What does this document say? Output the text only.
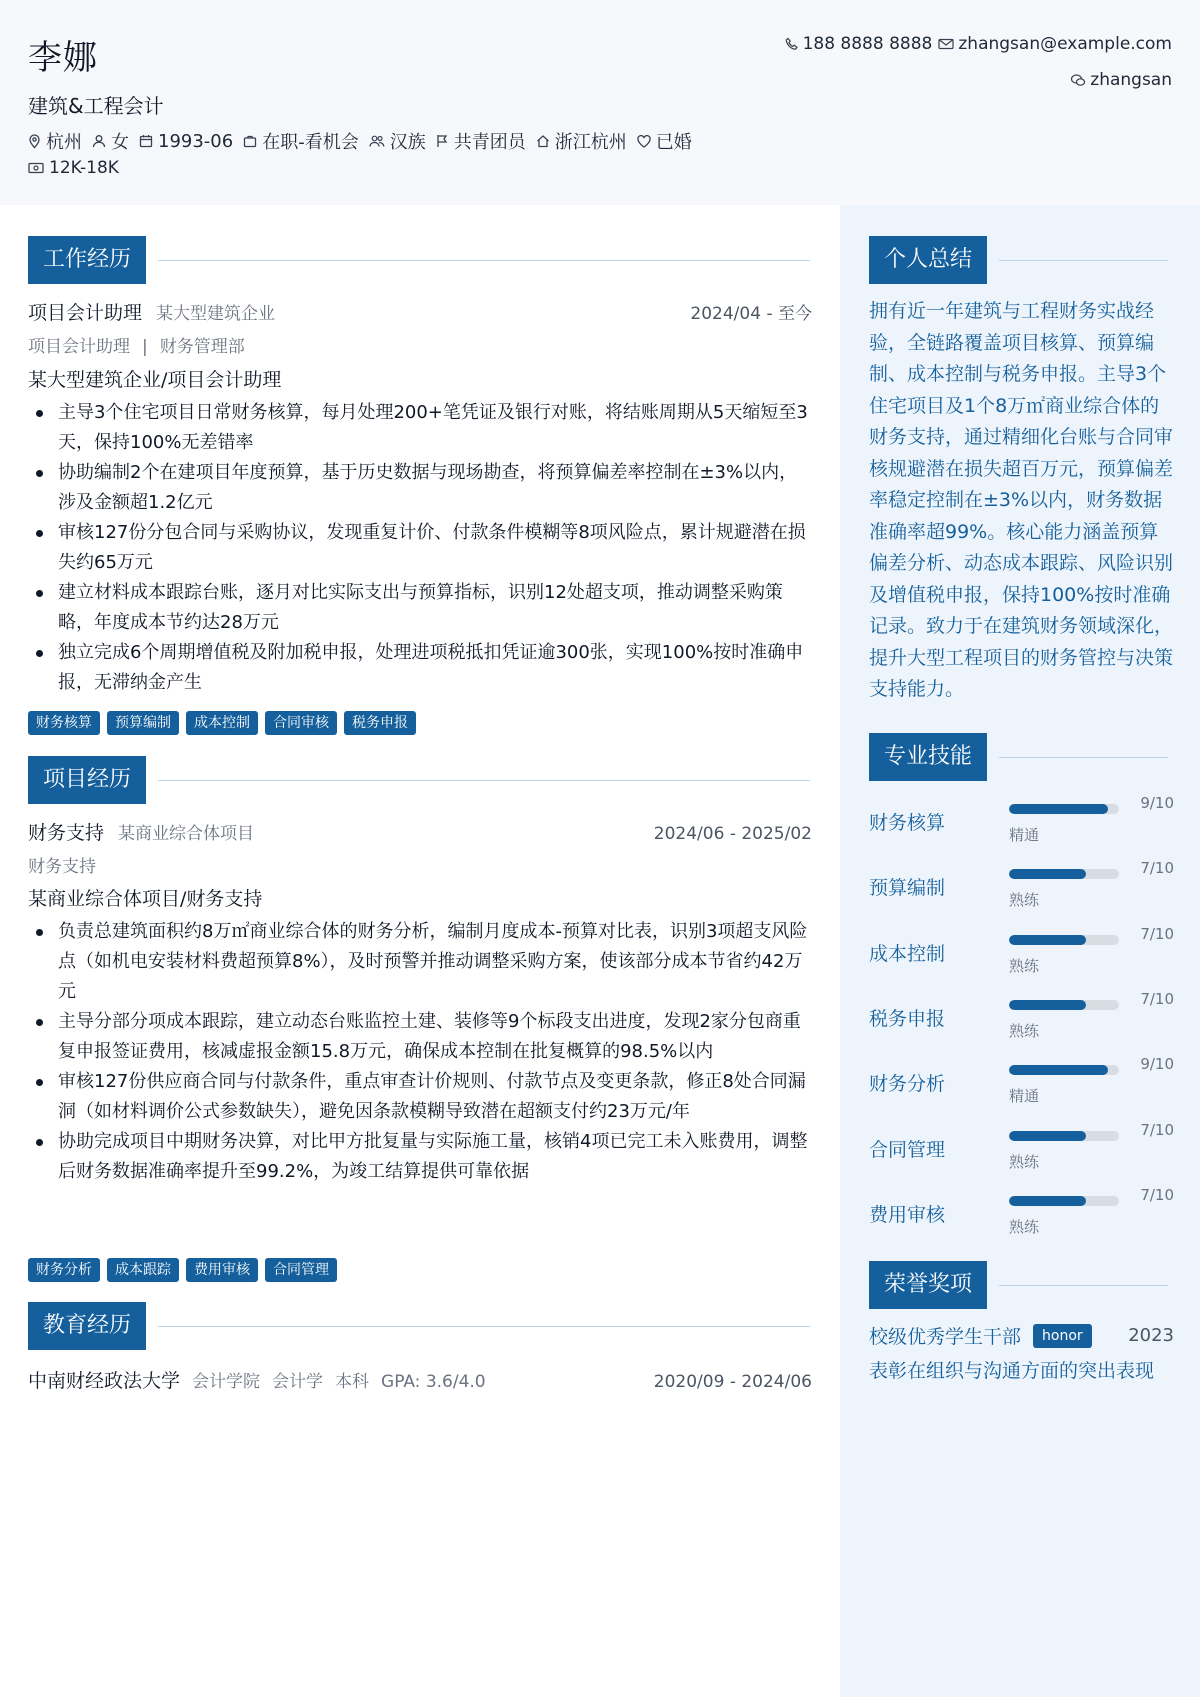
李娜
建筑&工程会计
杭州 女 1993-06 在职-看机会 汉族 共青团员 浙江杭州 已婚
12K-18K
188 8888 8888 zhangsan@example.com
zhangsan
工作经历
项目会计助理 某大型建筑企业	2024/04 - 至今
项目会计助理 | 财务管理部
某大型建筑企业/项目会计助理
主导3个住宅项目日常财务核算，每月处理200+笔凭证及银行对账，将结账周期从5天缩短至3天，保持100%无差错率
协助编制2个在建项目年度预算，基于历史数据与现场勘查，将预算偏差率控制在±3%以内，涉及金额超1.2亿元
审核127份分包合同与采购协议，发现重复计价、付款条件模糊等8项风险点，累计规避潜在损失约65万元
建立材料成本跟踪台账，逐月对比实际支出与预算指标，识别12处超支项，推动调整采购策略，年度成本节约达28万元
独立完成6个周期增值税及附加税申报，处理进项税抵扣凭证逾300张，实现100%按时准确申报，无滞纳金产生
财务核算	预算编制	成本控制	合同审核	税务申报
项目经历
财务支持 某商业综合体项目	2024/06 - 2025/02
财务支持
某商业综合体项目/财务支持
负责总建筑面积约8万㎡商业综合体的财务分析，编制月度成本-预算对比表，识别3项超支风险点（如机电安装材料费超预算8%），及时预警并推动调整采购方案，使该部分成本节省约42万元
主导分部分项成本跟踪，建立动态台账监控土建、装修等9个标段支出进度，发现2家分包商重复申报签证费用，核减虚报金额15.8万元，确保成本控制在批复概算的98.5%以内
审核127份供应商合同与付款条件，重点审查计价规则、付款节点及变更条款，修正8处合同漏洞（如材料调价公式参数缺失），避免因条款模糊导致潜在超额支付约23万元/年
协助完成项目中期财务决算，对比甲方批复量与实际施工量，核销4项已完工未入账费用，调整后财务数据准确率提升至99.2%，为竣工结算提供可靠依据
财务分析	成本跟踪	费用审核	合同管理
教育经历
中南财经政法大学 会计学院 会计学 本科 GPA: 3.6/4.0	2020/09 - 2024/06
个人总结
拥有近一年建筑与工程财务实战经验，全链路覆盖项目核算、预算编制、成本控制与税务申报。主导3个住宅项目及1个8万㎡商业综合体的财务支持，通过精细化台账与合同审核规避潜在损失超百万元，预算偏差率稳定控制在±3%以内，财务数据准确率超99%。核心能力涵盖预算偏差分析、动态成本跟踪、风险识别及增值税申报，保持100%按时准确记录。致力于在建筑财务领域深化，提升大型工程项目的财务管控与决策支持能力。
专业技能
财务核算
9/10
精通
预算编制
7/10
熟练
成本控制
7/10
熟练
税务申报
7/10
熟练
财务分析
9/10
精通
合同管理
7/10
熟练
费用审核
7/10
熟练
荣誉奖项
校级优秀学生干部	honor	2023
表彰在组织与沟通方面的突出表现
